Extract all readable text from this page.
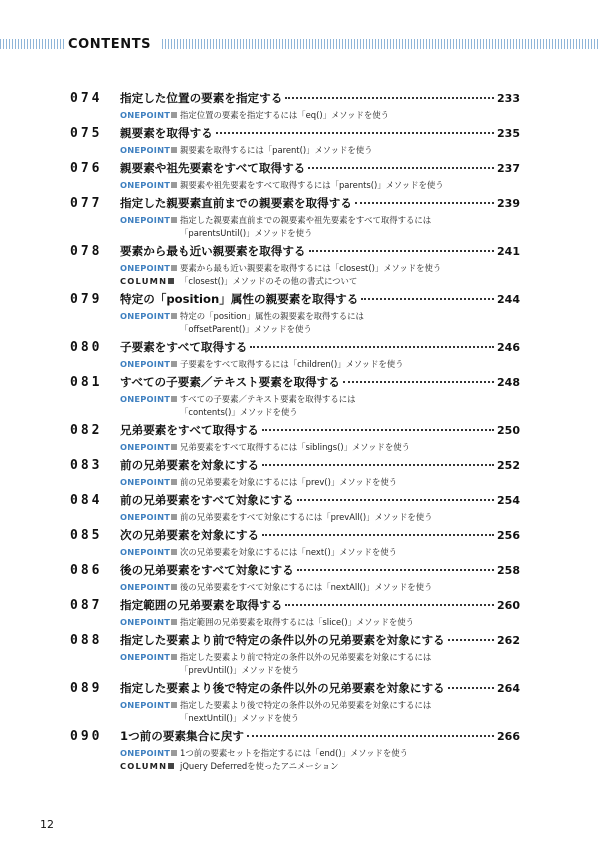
CONTENTS
074	指定した位置の要素を指定する	233
ONEPOINT	指定位置の要素を指定するには「eq()」メソッドを使う
075	親要素を取得する	235
ONEPOINT	親要素を取得するには「parent()」メソッドを使う
076	親要素や祖先要素をすべて取得する	237
ONEPOINT	親要素や祖先要素をすべて取得するには「parents()」メソッドを使う
077	指定した親要素直前までの親要素を取得する	239
ONEPOINT	指定した親要素直前までの親要素や祖先要素をすべて取得するには
「parentsUntil()」メソッドを使う
078	要素から最も近い親要素を取得する	241
ONEPOINT	要素から最も近い親要素を取得するには「closest()」メソッドを使う
COLUMN	「closest()」メソッドのその他の書式について
079	特定の「position」属性の親要素を取得する	244
ONEPOINT	特定の「position」属性の親要素を取得するには
「offsetParent()」メソッドを使う
080	子要素をすべて取得する	246
ONEPOINT	子要素をすべて取得するには「children()」メソッドを使う
081	すべての子要素／テキスト要素を取得する	248
ONEPOINT	すべての子要素／テキスト要素を取得するには
「contents()」メソッドを使う
082	兄弟要素をすべて取得する	250
ONEPOINT	兄弟要素をすべて取得するには「siblings()」メソッドを使う
083	前の兄弟要素を対象にする	252
ONEPOINT	前の兄弟要素を対象にするには「prev()」メソッドを使う
084	前の兄弟要素をすべて対象にする	254
ONEPOINT	前の兄弟要素をすべて対象にするには「prevAll()」メソッドを使う
085	次の兄弟要素を対象にする	256
ONEPOINT	次の兄弟要素を対象にするには「next()」メソッドを使う
086	後の兄弟要素をすべて対象にする	258
ONEPOINT	後の兄弟要素をすべて対象にするには「nextAll()」メソッドを使う
087	指定範囲の兄弟要素を取得する	260
ONEPOINT	指定範囲の兄弟要素を取得するには「slice()」メソッドを使う
088	指定した要素より前で特定の条件以外の兄弟要素を対象にする	262
ONEPOINT	指定した要素より前で特定の条件以外の兄弟要素を対象にするには
「prevUntil()」メソッドを使う
089	指定した要素より後で特定の条件以外の兄弟要素を対象にする	264
ONEPOINT	指定した要素より後で特定の条件以外の兄弟要素を対象にするには
「nextUntil()」メソッドを使う
090	1つ前の要素集合に戻す	266
ONEPOINT	1つ前の要素セットを指定するには「end()」メソッドを使う
COLUMN	jQuery Deferredを使ったアニメーション
12
